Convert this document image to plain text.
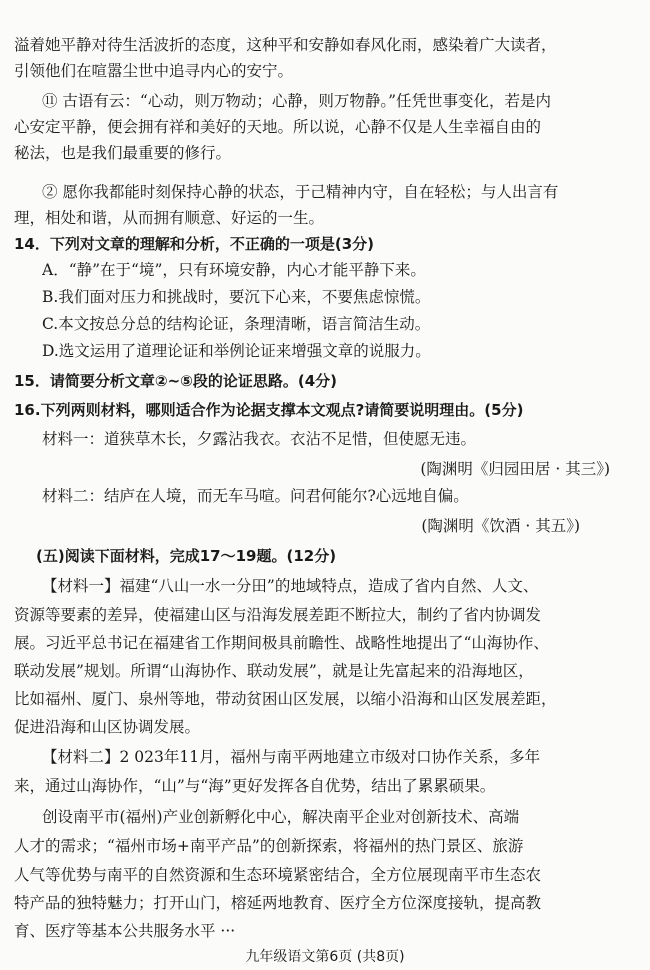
溢着她平静对待生活波折的态度，这种平和安静如春风化雨，感染着广大读者，
引领他们在喧嚣尘世中追寻内心的安宁。
⑪ 古语有云：“心动，则万物动；心静，则万物静。”任凭世事变化，若是内
心安定平静，便会拥有祥和美好的天地。所以说，心静不仅是人生幸福自由的
秘法，也是我们最重要的修行。
② 愿你我都能时刻保持心静的状态，于己精神内守，自在轻松；与人出言有
理，相处和谐，从而拥有顺意、好运的一生。
14．下列对文章的理解和分析，不正确的一项是(3分)
A．“静”在于“境”，只有环境安静，内心才能平静下来。
B.我们面对压力和挑战时，要沉下心来，不要焦虑惊慌。
C.本文按总分总的结构论证，条理清晰，语言简洁生动。
D.选文运用了道理论证和举例论证来增强文章的说服力。
15．请简要分析文章②~⑤段的论证思路。(4分)
16.下列两则材料，哪则适合作为论据支撑本文观点?请简要说明理由。(5分)
材料一：道狭草木长，夕露沾我衣。衣沾不足惜，但使愿无违。
(陶渊明《归园田居 · 其三》)
材料二：结庐在人境，而无车马喧。问君何能尔?心远地自偏。
(陶渊明《饮酒 · 其五》)
(五)阅读下面材料，完成17～19题。(12分)
【材料一】福建“八山一水一分田”的地域特点，造成了省内自然、人文、
资源等要素的差异，使福建山区与沿海发展差距不断拉大，制约了省内协调发
展。习近平总书记在福建省工作期间极具前瞻性、战略性地提出了“山海协作、
联动发展”规划。所谓“山海协作、联动发展”，就是让先富起来的沿海地区，
比如福州、厦门、泉州等地，带动贫困山区发展，以缩小沿海和山区发展差距，
促进沿海和山区协调发展。
【材料二】2 023年11月，福州与南平两地建立市级对口协作关系，多年
来，通过山海协作，“山”与“海”更好发挥各自优势，结出了累累硕果。
创设南平市(福州)产业创新孵化中心，解决南平企业对创新技术、高端
人才的需求；“福州市场+南平产品”的创新探索，将福州的热门景区、旅游
人气等优势与南平的自然资源和生态环境紧密结合，全方位展现南平市生态农
特产品的独特魅力；打开山门，榕延两地教育、医疗全方位深度接轨，提高教
育、医疗等基本公共服务水平 ···
九年级语文第6页 (共8页)
